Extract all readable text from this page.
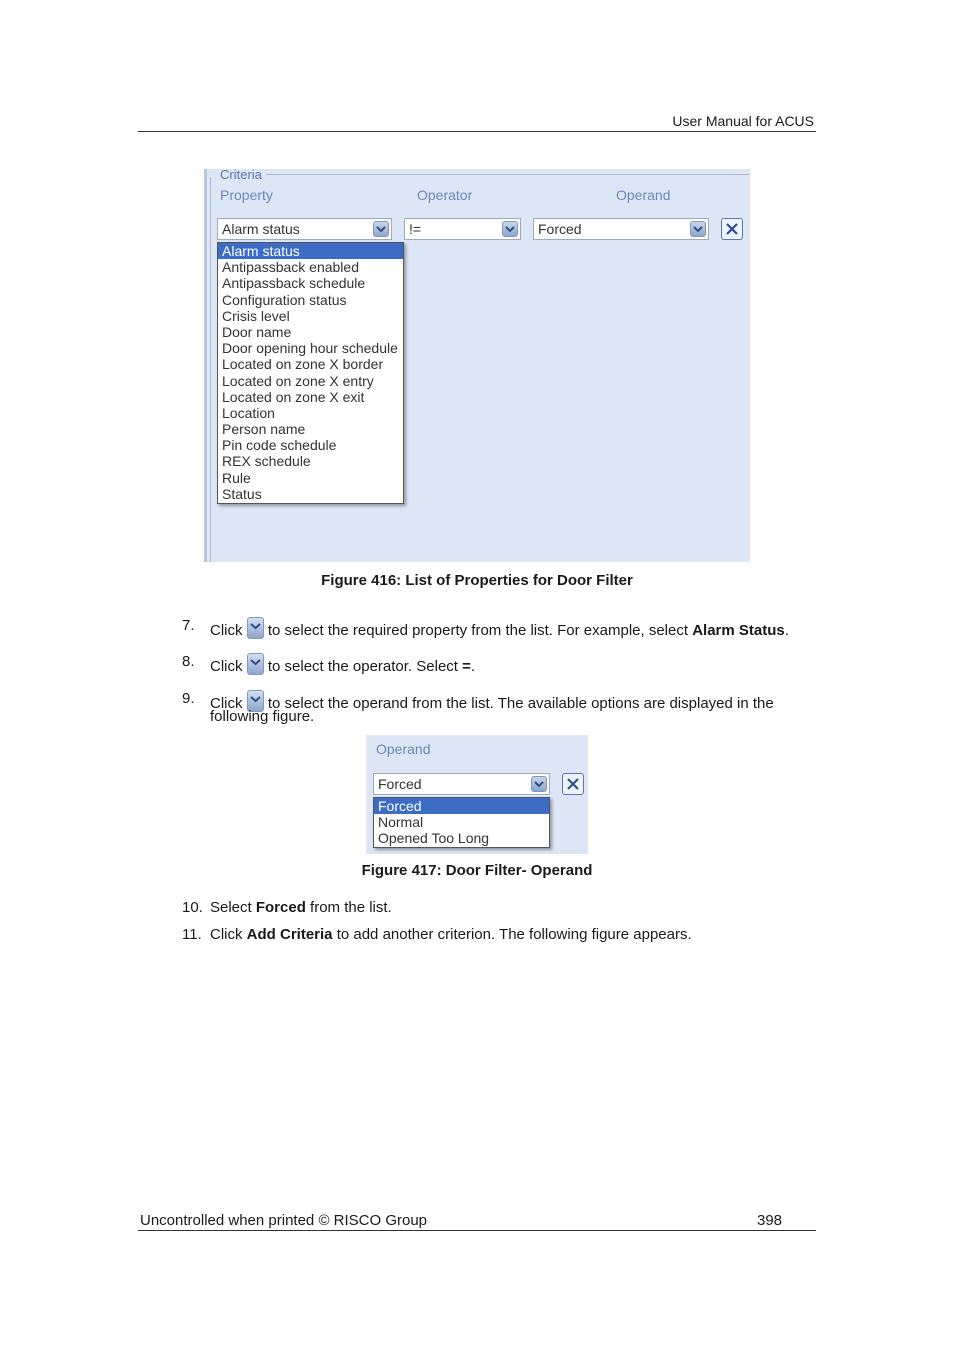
User Manual for ACUS
Criteria
Property	Operator	Operand
Alarm status	!=	Forced
Alarm status
Antipassback enabled
Antipassback schedule
Configuration status
Crisis level
Door name
Door opening hour schedule
Located on zone X border
Located on zone X entry
Located on zone X exit
Location
Person name
Pin code schedule
REX schedule
Rule
Status
Figure 416: List of Properties for Door Filter
7. Click to select the required property from the list. For example, select Alarm Status.
8. Click to select the operator. Select =.
9. Click to select the operand from the list. The available options are displayed in the
following figure.
Operand
Forced
Forced
Normal
Opened Too Long
Figure 417: Door Filter- Operand
10. Select Forced from the list.
11. Click Add Criteria to add another criterion. The following figure appears.
Uncontrolled when printed © RISCO Group	398
